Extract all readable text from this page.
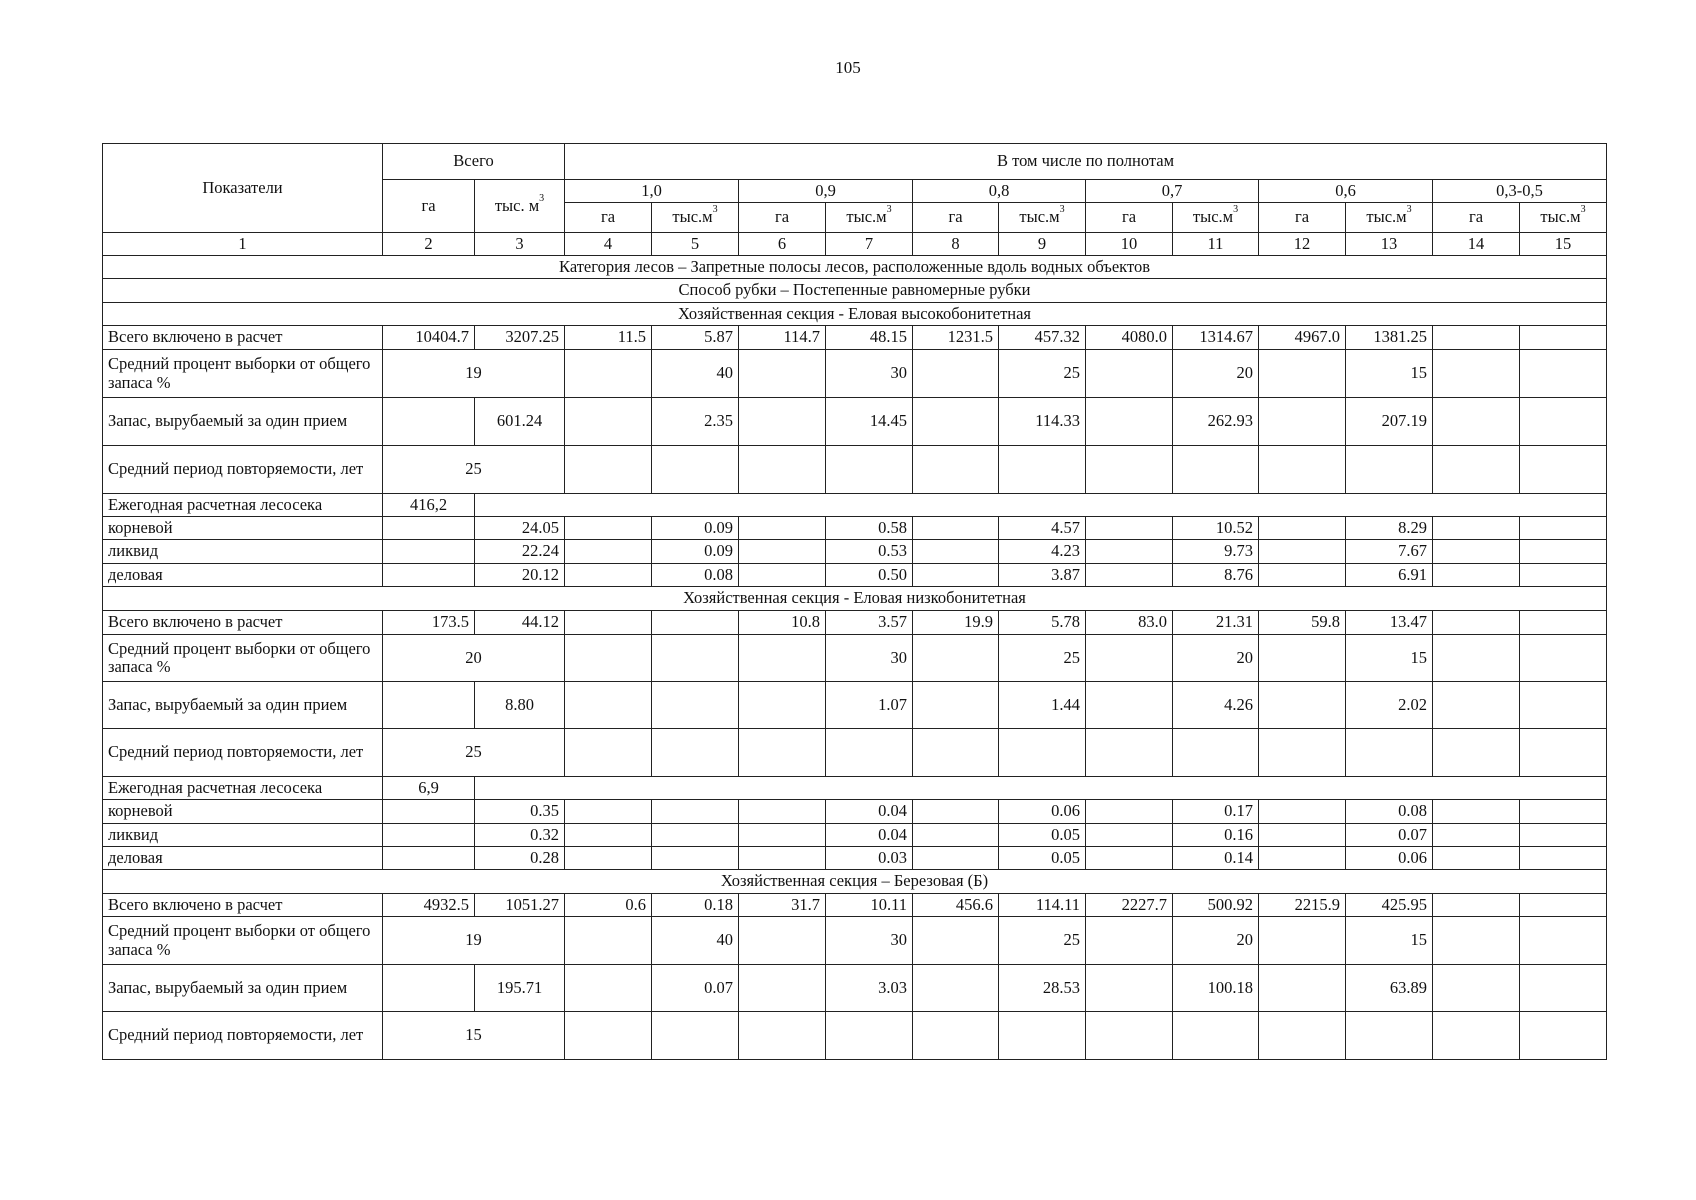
105
Показатели	Всего		В том числе по полнотам											
	га	тыс. $м^3$	1,0		0,9		0,8		0,7		0,6		0,3-0,5	
			га	$тыс.м^3$	га	$тыс.м^3$	га	$тыс.м^3$	га	$тыс.м^3$	га	$тыс.м^3$	га	$тыс.м^3$
1	2	3	4	5	6	7	8	9	10	11	12	13	14	15
Категория лесов – Запретные полосы лесов, расположенные вдоль водных объектов														
Способ рубки – Постепенные равномерные рубки														
Хозяйственная секция - Еловая высокобонитетная														
Всего включено в расчет	10404.7	3207.25	11.5	5.87	114.7	48.15	1231.5	457.32	4080.0	1314.67	4967.0	1381.25		
Средний процент выборки от общего запаса %	19			40		30		25		20		15		
Запас, вырубаемый за один прием		601.24		2.35		14.45		114.33		262.93		207.19		
Средний период повторяемости, лет	25													
Ежегодная расчетная лесосека	416,2													
корневой		24.05		0.09		0.58		4.57		10.52		8.29		
ликвид		22.24		0.09		0.53		4.23		9.73		7.67		
деловая		20.12		0.08		0.50		3.87		8.76		6.91		
Хозяйственная секция - Еловая низкобонитетная														
Всего включено в расчет	173.5	44.12			10.8	3.57	19.9	5.78	83.0	21.31	59.8	13.47		
Средний процент выборки от общего запаса %	20					30		25		20		15		
Запас, вырубаемый за один прием		8.80				1.07		1.44		4.26		2.02		
Средний период повторяемости, лет	25													
Ежегодная расчетная лесосека	6,9													
корневой		0.35				0.04		0.06		0.17		0.08		
ликвид		0.32				0.04		0.05		0.16		0.07		
деловая		0.28				0.03		0.05		0.14		0.06		
Хозяйственная секция – Березовая (Б)														
Всего включено в расчет	4932.5	1051.27	0.6	0.18	31.7	10.11	456.6	114.11	2227.7	500.92	2215.9	425.95		
Средний процент выборки от общего запаса %	19			40		30		25		20		15		
Запас, вырубаемый за один прием		195.71		0.07		3.03		28.53		100.18		63.89		
Средний период повторяемости, лет	15													
